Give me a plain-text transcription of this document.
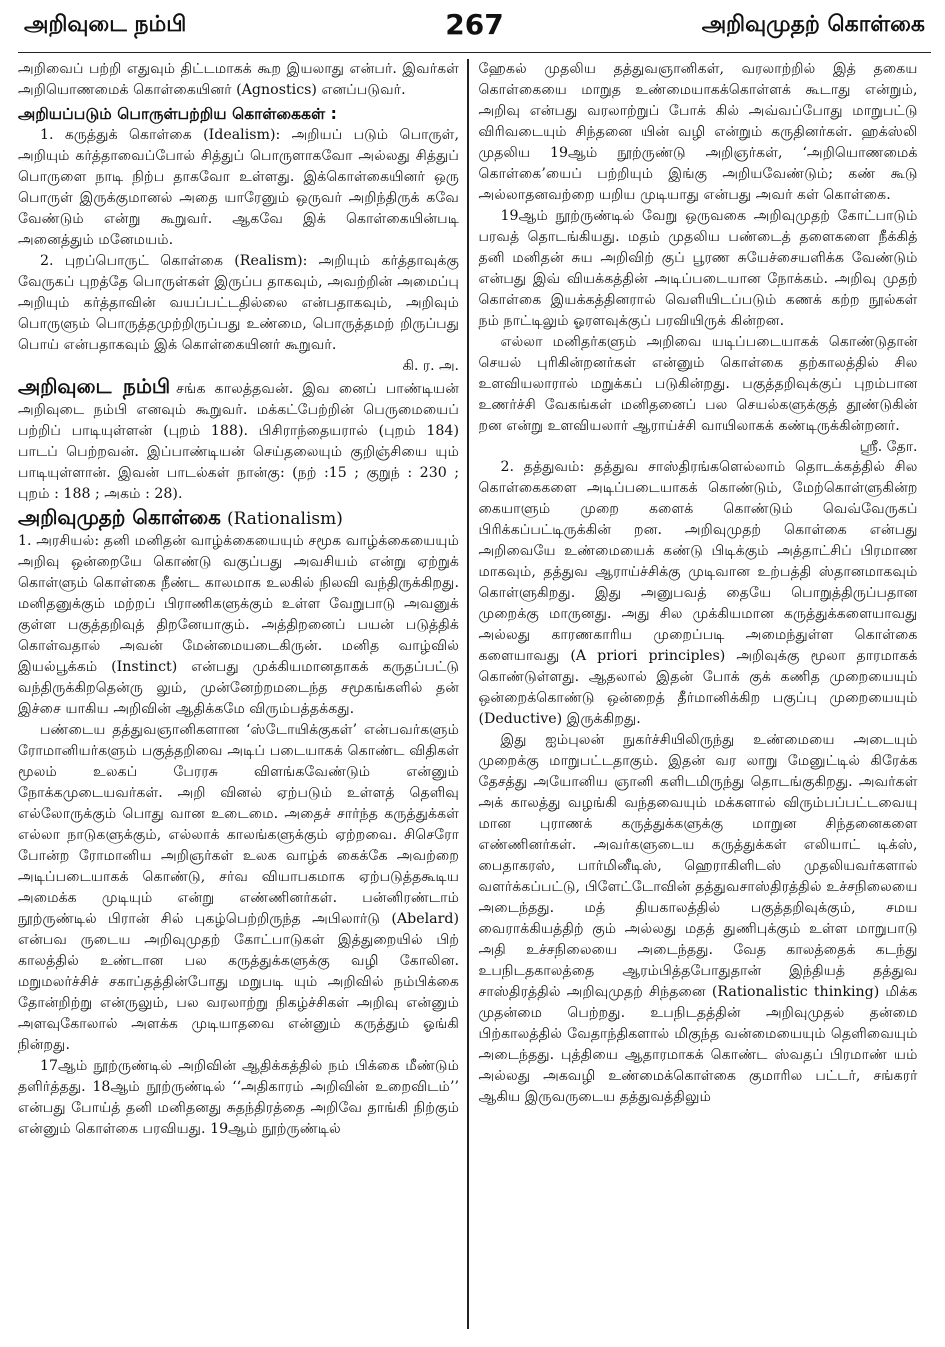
அறிவுடை நம்பி	267	அறிவுமுதற் கொள்கை

அறிவைப் பற்றி எதுவும் திட்டமாகக் கூற இயலாது என்பர். இவர்கள் அறியொணமைக் கொள்கையினர் (Agnostics) எனப்படுவர்.

அறியப்படும் பொருள்பற்றிய கொள்கைகள் :

1. கருத்துக் கொள்கை (Idealism): அறியப் படும் பொருள், அறியும் கர்த்தாவைப்போல் சித்துப் பொருளாகவோ அல்லது சித்துப் பொருளை நாடி நிற்ப தாகவோ உள்ளது. இக்கொள்கையினர் ஒரு பொருள் இருக்குமானல் அதை யாரேனும் ஒருவர் அறிந்திருக் கவே வேண்டும் என்று கூறுவர். ஆகவே இக் கொள்கையின்படி அனைத்தும் மனேமயம்.

2. புறப்பொருட் கொள்கை (Realism): அறியும் கர்த்தாவுக்கு வேருகப் புறத்தே பொருள்கள் இருப்ப தாகவும், அவற்றின் அமைப்பு அறியும் கர்த்தாவின் வயப்பட்டதில்லை என்பதாகவும், அறிவும் பொருளும் பொருத்தமுற்றிருப்பது உண்மை, பொருத்தமற் றிருப்பது பொய் என்பதாகவும் இக் கொள்கையினர் கூறுவர்.

கி. ர. அ.

அறிவுடை நம்பி சங்க காலத்தவன். இவ னைப் பாண்டியன் அறிவுடை நம்பி எனவும் கூறுவர். மக்கட்பேற்றின் பெருமையைப் பற்றிப் பாடியுள்ளன் (புறம் 188). பிசிராந்தையரால் (புறம் 184) பாடப் பெற்றவன். இப்பாண்டியன் செய்தலையும் குறிஞ்சியை யும் பாடியுள்ளான். இவன் பாடல்கள் நான்கு: (நற் :15 ; குறுந் : 230 ; புறம் : 188 ; அகம் : 28).

அறிவுமுதற் கொள்கை (Rationalism)

1. அரசியல்: தனி மனிதன் வாழ்க்கையையும் சமூக வாழ்க்கையையும் அறிவு ஒன்றையே கொண்டு வகுப்பது அவசியம் என்று ஏற்றுக் கொள்ளும் கொள்கை நீண்ட காலமாக உலகில் நிலவி வந்திருக்கிறது. மனிதனுக்கும் மற்றப் பிராணிகளுக்கும் உள்ள வேறுபாடு அவனுக் குள்ள பகுத்தறிவுத் திறனேயாகும். அத்திறனைப் பயன் படுத்திக் கொள்வதால் அவன் மேன்மையடைகிருன். மனித வாழ்வில் இயல்பூக்கம் (Instinct) என்பது முக்கியமானதாகக் கருதப்பட்டு வந்திருக்கிறதென்ரு லும், முன்னேற்றமடைந்த சமூகங்களில் தன் இச்சை யாகிய அறிவின் ஆதிக்கமே விரும்பத்தக்கது.

பண்டைய தத்துவஞானிகளான ‘ஸ்டோயிக்குகள்’ என்பவர்களும் ரோமானியர்களும் பகுத்தறிவை அடிப் படையாகக் கொண்ட விதிகள் மூலம் உலகப் பேரரசு விளங்கவேண்டும் என்னும் நோக்கமுடையவர்கள். அறி வினல் ஏற்படும் உள்ளத் தெளிவு எல்லோருக்கும் பொது வான உடைமை. அதைச் சார்ந்த கருத்துக்கள் எல்லா நாடுகளுக்கும், எல்லாக் காலங்களுக்கும் ஏற்றவை. சிசெரோ போன்ற ரோமானிய அறிஞர்கள் உலக வாழ்க் கைக்கே அவற்றை அடிப்படையாகக் கொண்டு, சர்வ வியாபகமாக ஏற்படுத்தகூடிய அமைக்க முடியும் என்று எண்ணினர்கள். பன்னிரண்டாம் நூற்ருண்டில் பிரான் சில் புகழ்பெற்றிருந்த அபிலார்டு (Abelard) என்பவ ருடைய அறிவுமுதற் கோட்பாடுகள் இத்துறையில் பிற் காலத்தில் உண்டான பல கருத்துக்களுக்கு வழி கோலின. மறுமலர்ச்சிச் சகாப்தத்தின்போது மறுபடி யும் அறிவில் நம்பிக்கை தோன்றிற்று என்ருலும், பல வரலாற்று நிகழ்ச்சிகள் அறிவு என்னும் அளவுகோலால் அளக்க முடியாதவை என்னும் கருத்தும் ஓங்கி நின்றது.

17ஆம் நூற்ருண்டில் அறிவின் ஆதிக்கத்தில் நம் பிக்கை மீண்டும் தளிர்த்தது. 18ஆம் நூற்ருண்டில் ‘‘அதிகாரம் அறிவின் உறைவிடம்’’ என்பது போய்த் தனி மனிதனது சுதந்திரத்தை அறிவே தாங்கி நிற்கும் என்னும் கொள்கை பரவியது. 19ஆம் நூற்ருண்டில்

ஹேகல் முதலிய தத்துவஞானிகள், வரலாற்றில் இத் தகைய கொள்கையை மாறுத உண்மையாகக்கொள்ளக் கூடாது என்றும், அறிவு என்பது வரலாற்றுப் போக் கில் அவ்வப்போது மாறுபட்டு விரிவடையும் சிந்தனை யின் வழி என்றும் கருதினர்கள். ஹக்ஸ்லி முதலிய 19ஆம் நூற்ருண்டு அறிஞர்கள், ‘அறியொணமைக் கொள்கை’யைப் பற்றியும் இங்கு அறியவேண்டும்; கண் கூடு அல்லாதனவற்றை யறிய முடியாது என்பது அவர் கள் கொள்கை.

19ஆம் நூற்ருண்டில் வேறு ஒருவகை அறிவுமுதற் கோட்பாடும் பரவத் தொடங்கியது. மதம் முதலிய பண்டைத் தளைகளை நீக்கித் தனி மனிதன் சுய அறிவிற் குப் பூரண சுயேச்சையளிக்க வேண்டும் என்பது இவ் வியக்கத்தின் அடிப்படையான நோக்கம். அறிவு முதற் கொள்கை இயக்கத்தினரால் வெளியிடப்படும் கணக் கற்ற நூல்கள் நம் நாட்டிலும் ஓரளவுக்குப் பரவியிருக் கின்றன.

எல்லா மனிதர்களும் அறிவை யடிப்படையாகக் கொண்டுதான் செயல் புரிகின்றனர்கள் என்னும் கொள்கை தற்காலத்தில் சில உளவியலாரால் மறுக்கப் படுகின்றது. பகுத்தறிவுக்குப் புறம்பான உணர்ச்சி வேகங்கள் மனிதனைப் பல செயல்களுக்குத் தூண்டுகின் றன என்று உளவியலார் ஆராய்ச்சி வாயிலாகக் கண்டிருக்கின்றனர்.

ஸ்ரீ. தோ.

2. தத்துவம்: தத்துவ சாஸ்திரங்களெல்லாம் தொடக்கத்தில் சில கொள்கைகளை அடிப்படையாகக் கொண்டும், மேற்கொள்ளுகின்ற கையாளும் முறை களைக் கொண்டும் வெவ்வேருகப் பிரிக்கப்பட்டிருக்கின் றன. அறிவுமுதற் கொள்கை என்பது அறிவையே உண்மையைக் கண்டு பிடிக்கும் அத்தாட்சிப் பிரமாண மாகவும், தத்துவ ஆராய்ச்சிக்கு முடிவான உற்பத்தி ஸ்தானமாகவும் கொள்ளுகிறது. இது அனுபவத் தையே பொறுத்திருப்பதான முறைக்கு மாருனது. அது சில முக்கியமான கருத்துக்களையாவது அல்லது காரணகாரிய முறைப்படி அமைந்துள்ள கொள்கை களையாவது (A priori principles) அறிவுக்கு மூலா தாரமாகக் கொண்டுள்ளது. ஆதலால் இதன் போக் குக் கணித முறையையும் ஒன்றைக்கொண்டு ஒன்றைத் தீர்மானிக்கிற பகுப்பு முறையையும் (Deductive) இருக்கிறது.

இது ஐம்புலன் நுகர்ச்சியிலிருந்து உண்மையை அடையும் முறைக்கு மாறுபட்டதாகும். இதன் வர லாறு மேனுட்டில் கிரேக்க தேசத்து அயோனிய ஞானி களிடமிருந்து தொடங்குகிறது. அவர்கள் அக் காலத்து வழங்கி வந்தவையும் மக்களால் விரும்பப்பட்டவையு மான புராணக் கருத்துக்களுக்கு மாறுன சிந்தனைகளை எண்ணினர்கள். அவர்களுடைய கருத்துக்கள் எலியாட் டிக்ஸ், பைதாகரஸ், பார்மினீடிஸ், ஹெராகிளிடஸ் முதலியவர்களால் வளர்க்கப்பட்டு, பிளேட்டோவின் தத்துவசாஸ்திரத்தில் உச்சநிலையை அடைந்தது. மத் தியகாலத்தில் பகுத்தறிவுக்கும், சமய வைராக்கியத்திற் கும் அல்லது மதத் துணிபுக்கும் உள்ள மாறுபாடு அதி உச்சநிலையை அடைந்தது. வேத காலத்தைக் கடந்து உபநிடதகாலத்தை ஆரம்பித்தபோதுதான் இந்தியத் தத்துவ சாஸ்திரத்தில் அறிவுமுதற் சிந்தனை (Rationalistic thinking) மிக்க முதன்மை பெற்றது. உபநிடதத்தின் அறிவுமுதல் தன்மை பிற்காலத்தில் வேதாந்திகளால் மிகுந்த வன்மையையும் தெளிவையும் அடைந்தது. புத்தியை ஆதாரமாகக் கொண்ட ஸ்வதப் பிரமாண் யம் அல்லது அகவழி உண்மைக்கொள்கை குமாரில பட்டர், சங்கரர் ஆகிய இருவருடைய தத்துவத்திலும்
